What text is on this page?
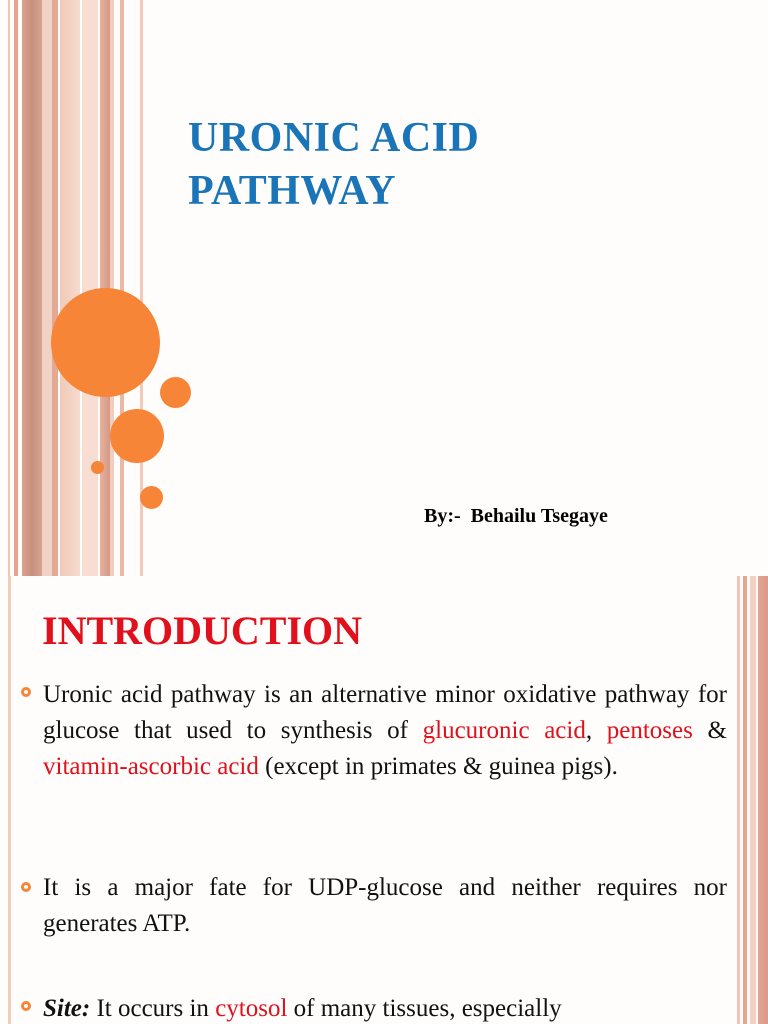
URONIC ACID
PATHWAY
By:-  Behailu Tsegaye
INTRODUCTION
Uronic acid pathway is an alternative minor oxidative pathway for glucose that used to synthesis of glucuronic acid, pentoses & vitamin-ascorbic acid (except in primates & guinea pigs).
It is a major fate for UDP-glucose and neither requires nor generates ATP.
Site: It occurs in cytosol of many tissues, especially
